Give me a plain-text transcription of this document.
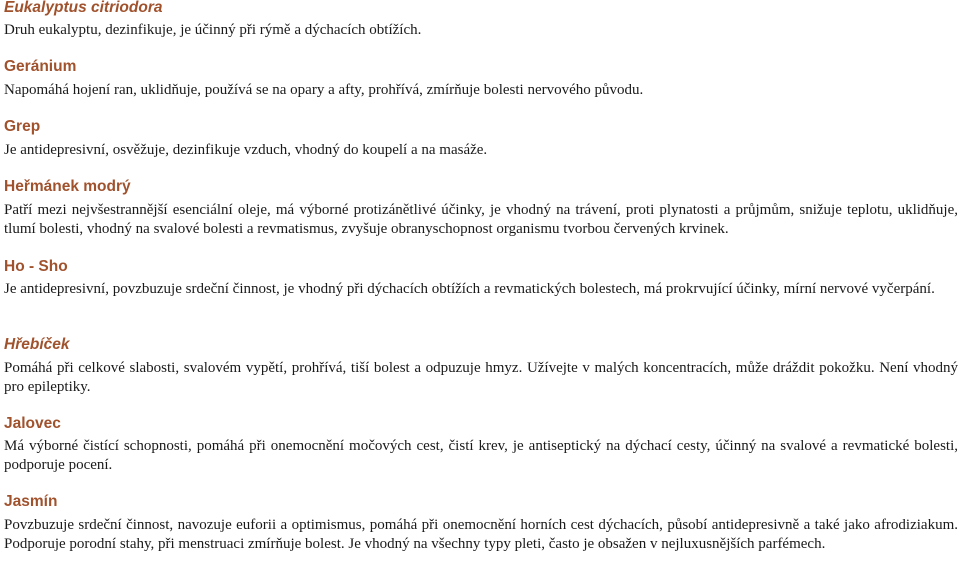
Eukalyptus citriodora

Druh eukalyptu, dezinfikuje, je účinný při rýmě a dýchacích obtížích.

Geránium

Napomáhá hojení ran, uklidňuje, používá se na opary a afty, prohřívá, zmírňuje bolesti nervového původu.

Grep

Je antidepresivní, osvěžuje, dezinfikuje vzduch, vhodný do koupelí a na masáže.

Heřmánek modrý

Patří mezi nejvšestrannější esenciální oleje, má výborné protizánětlivé účinky, je vhodný na trávení, proti plynatosti a průjmům, snižuje teplotu, uklidňuje, tlumí bolesti, vhodný na svalové bolesti a revmatismus, zvyšuje obranyschopnost organismu tvorbou červených krvinek.

Ho - Sho

Je antidepresivní, povzbuzuje srdeční činnost, je vhodný při dýchacích obtížích a revmatických bolestech, má prokrvující účinky, mírní nervové vyčerpání.

Hřebíček

Pomáhá při celkové slabosti, svalovém vypětí, prohřívá, tiší bolest a odpuzuje hmyz. Užívejte v malých koncentracích, může dráždit pokožku. Není vhodný pro epileptiky.

Jalovec

Má výborné čistící schopnosti, pomáhá při onemocnění močových cest, čistí krev, je antiseptický na dýchací cesty, účinný na svalové a revmatické bolesti, podporuje pocení.

Jasmín

Povzbuzuje srdeční činnost, navozuje euforii a optimismus, pomáhá při onemocnění horních cest dýchacích, působí antidepresivně a také jako afrodiziakum. Podporuje porodní stahy, při menstruaci zmírňuje bolest. Je vhodný na všechny typy pleti, často je obsažen v nejluxusnějších parfémech.
